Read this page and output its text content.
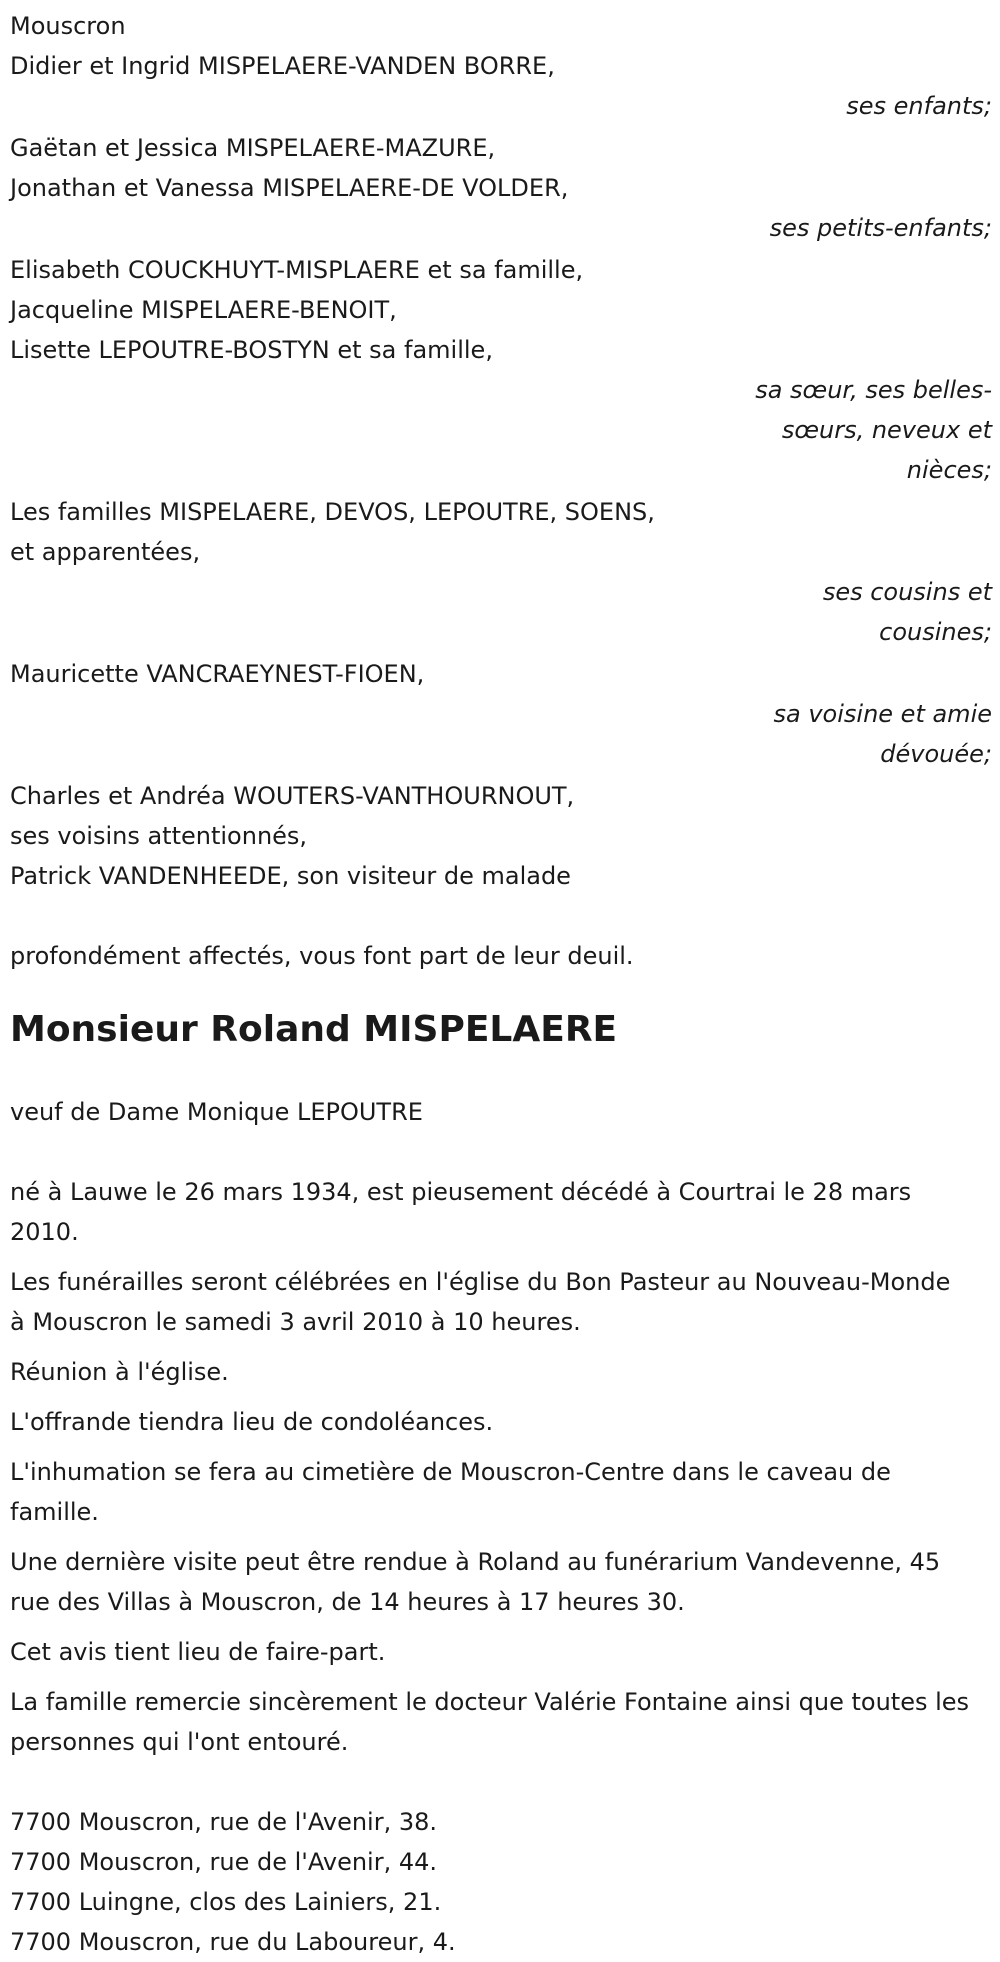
Mouscron
Didier et Ingrid MISPELAERE-VANDEN BORRE,
ses enfants;
Gaëtan et Jessica MISPELAERE-MAZURE,
Jonathan et Vanessa MISPELAERE-DE VOLDER,
ses petits-enfants;
Elisabeth COUCKHUYT-MISPLAERE et sa famille,
Jacqueline MISPELAERE-BENOIT,
Lisette LEPOUTRE-BOSTYN et sa famille,
sa sœur, ses belles-sœurs, neveux et nièces;
Les familles MISPELAERE, DEVOS, LEPOUTRE, SOENS,
et apparentées,
ses cousins et cousines;
Mauricette VANCRAEYNEST-FIOEN,
sa voisine et amie dévouée;
Charles et Andréa WOUTERS-VANTHOURNOUT,
ses voisins attentionnés,
Patrick VANDENHEEDE, son visiteur de malade
profondément affectés, vous font part de leur deuil.
Monsieur Roland MISPELAERE
veuf de Dame Monique LEPOUTRE
né à Lauwe le 26 mars 1934, est pieusement décédé à Courtrai le 28 mars 2010.
Les funérailles seront célébrées en l'église du Bon Pasteur au Nouveau-Monde à Mouscron le samedi 3 avril 2010 à 10 heures.
Réunion à l'église.
L'offrande tiendra lieu de condoléances.
L'inhumation se fera au cimetière de Mouscron-Centre dans le caveau de famille.
Une dernière visite peut être rendue à Roland au funérarium Vandevenne, 45 rue des Villas à Mouscron, de 14 heures à 17 heures 30.
Cet avis tient lieu de faire-part.
La famille remercie sincèrement le docteur Valérie Fontaine ainsi que toutes les personnes qui l'ont entouré.
7700 Mouscron, rue de l'Avenir, 38.
7700 Mouscron, rue de l'Avenir, 44.
7700 Luingne, clos des Lainiers, 21.
7700 Mouscron, rue du Laboureur, 4.
